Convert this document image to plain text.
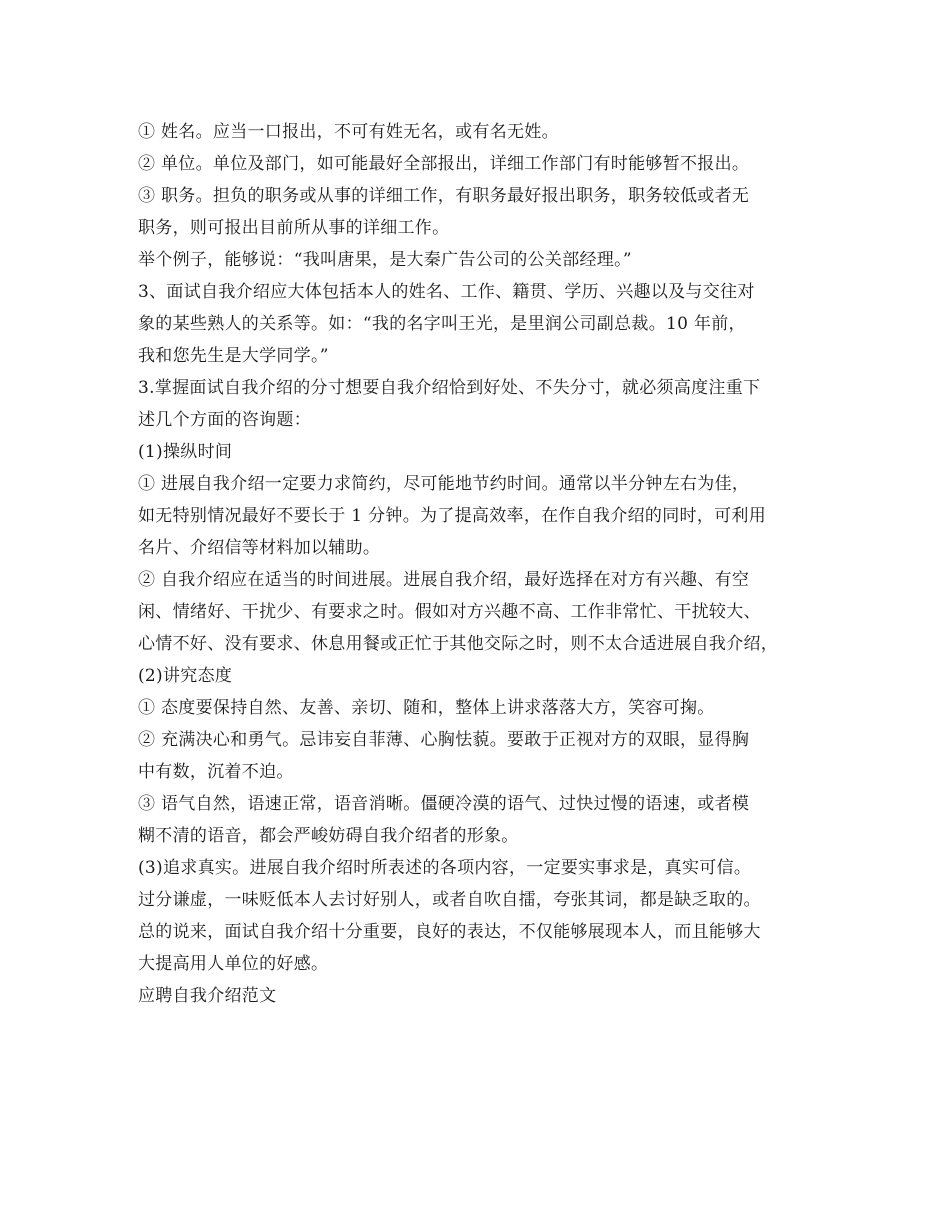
① 姓名。应当一口报出，不可有姓无名，或有名无姓。
② 单位。单位及部门，如可能最好全部报出，详细工作部门有时能够暂不报出。
③ 职务。担负的职务或从事的详细工作，有职务最好报出职务，职务较低或者无
职务，则可报出目前所从事的详细工作。
举个例子，能够说：“我叫唐果，是大秦广告公司的公关部经理。”
3、面试自我介绍应大体包括本人的姓名、工作、籍贯、学历、兴趣以及与交往对
象的某些熟人的关系等。如：“我的名字叫王光，是里润公司副总裁。10 年前，
我和您先生是大学同学。”
3.掌握面试自我介绍的分寸想要自我介绍恰到好处、不失分寸，就必须高度注重下
述几个方面的咨询题：
(1)操纵时间
① 进展自我介绍一定要力求简约，尽可能地节约时间。通常以半分钟左右为佳，
如无特别情况最好不要长于 1 分钟。为了提高效率，在作自我介绍的同时，可利用
名片、介绍信等材料加以辅助。
② 自我介绍应在适当的时间进展。进展自我介绍，最好选择在对方有兴趣、有空
闲、情绪好、干扰少、有要求之时。假如对方兴趣不高、工作非常忙、干扰较大、
心情不好、没有要求、休息用餐或正忙于其他交际之时，则不太合适进展自我介绍，
(2)讲究态度
① 态度要保持自然、友善、亲切、随和，整体上讲求落落大方，笑容可掬。
② 充满决心和勇气。忌讳妄自菲薄、心胸怯藐。要敢于正视对方的双眼，显得胸
中有数，沉着不迫。
③ 语气自然，语速正常，语音消晰。僵硬冷漠的语气、过快过慢的语速，或者模
糊不清的语音，都会严峻妨碍自我介绍者的形象。
(3)追求真实。进展自我介绍时所表述的各项内容，一定要实事求是，真实可信。
过分谦虚，一味贬低本人去讨好别人，或者自吹自擂，夸张其词，都是缺乏取的。
总的说来，面试自我介绍十分重要，良好的表达，不仅能够展现本人，而且能够大
大提高用人单位的好感。
应聘自我介绍范文
